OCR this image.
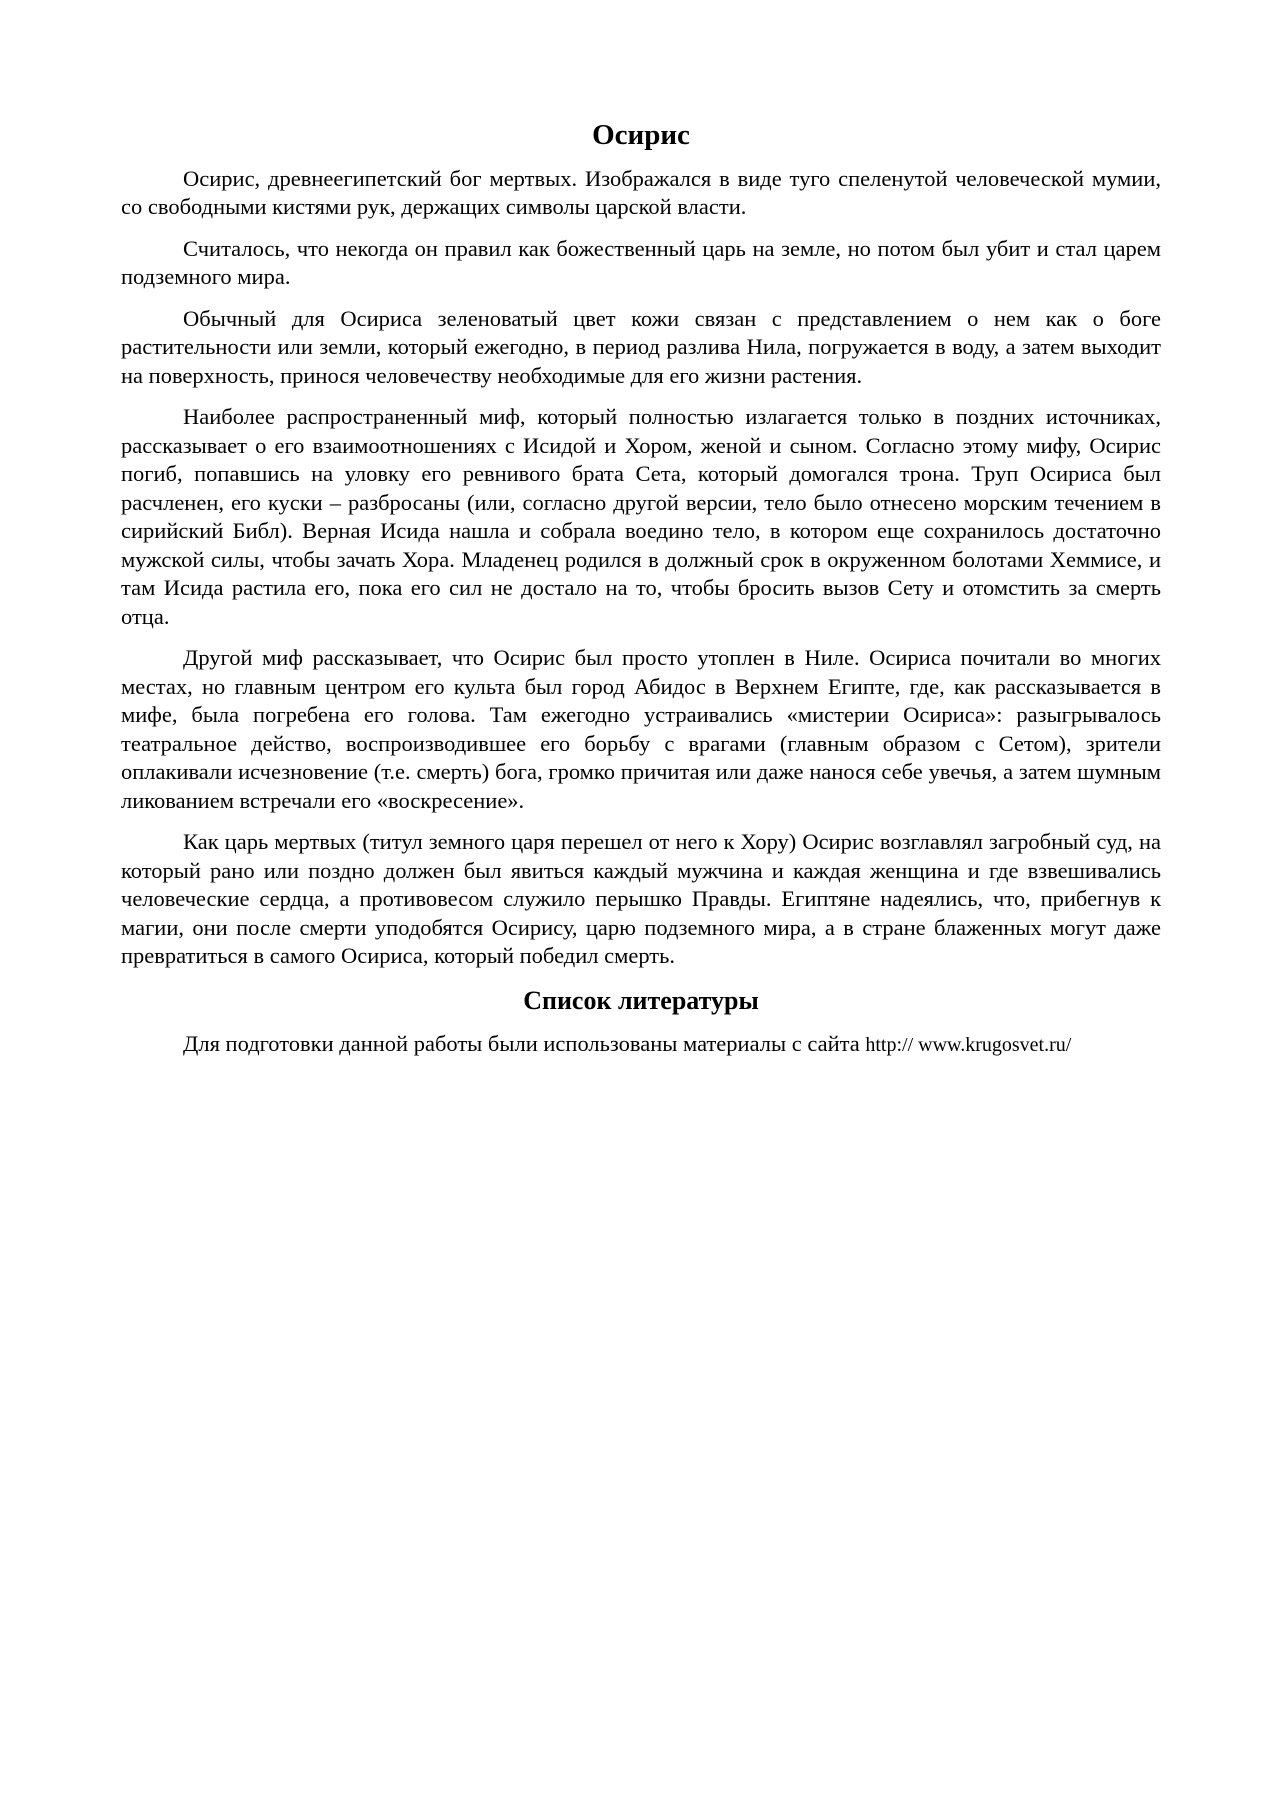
Осирис

Осирис, древнеегипетский бог мертвых. Изображался в виде туго спеленутой человеческой мумии, со свободными кистями рук, держащих символы царской власти.

Считалось, что некогда он правил как божественный царь на земле, но потом был убит и стал царем подземного мира.

Обычный для Осириса зеленоватый цвет кожи связан с представлением о нем как о боге растительности или земли, который ежегодно, в период разлива Нила, погружается в воду, а затем выходит на поверхность, принося человечеству необходимые для его жизни растения.

Наиболее распространенный миф, который полностью излагается только в поздних источниках, рассказывает о его взаимоотношениях с Исидой и Хором, женой и сыном. Согласно этому мифу, Осирис погиб, попавшись на уловку его ревнивого брата Сета, который домогался трона. Труп Осириса был расчленен, его куски – разбросаны (или, согласно другой версии, тело было отнесено морским течением в сирийский Библ). Верная Исида нашла и собрала воедино тело, в котором еще сохранилось достаточно мужской силы, чтобы зачать Хора. Младенец родился в должный срок в окруженном болотами Хеммисе, и там Исида растила его, пока его сил не достало на то, чтобы бросить вызов Сету и отомстить за смерть отца.

Другой миф рассказывает, что Осирис был просто утоплен в Ниле. Осириса почитали во многих местах, но главным центром его культа был город Абидос в Верхнем Египте, где, как рассказывается в мифе, была погребена его голова. Там ежегодно устраивались «мистерии Осириса»: разыгрывалось театральное действо, воспроизводившее его борьбу с врагами (главным образом с Сетом), зрители оплакивали исчезновение (т.е. смерть) бога, громко причитая или даже нанося себе увечья, а затем шумным ликованием встречали его «воскресение».

Как царь мертвых (титул земного царя перешел от него к Хору) Осирис возглавлял загробный суд, на который рано или поздно должен был явиться каждый мужчина и каждая женщина и где взвешивались человеческие сердца, а противовесом служило перышко Правды. Египтяне надеялись, что, прибегнув к магии, они после смерти уподобятся Осирису, царю подземного мира, а в стране блаженных могут даже превратиться в самого Осириса, который победил смерть.

Список литературы

Для подготовки данной работы были использованы материалы с сайта http:// www.krugosvet.ru/
